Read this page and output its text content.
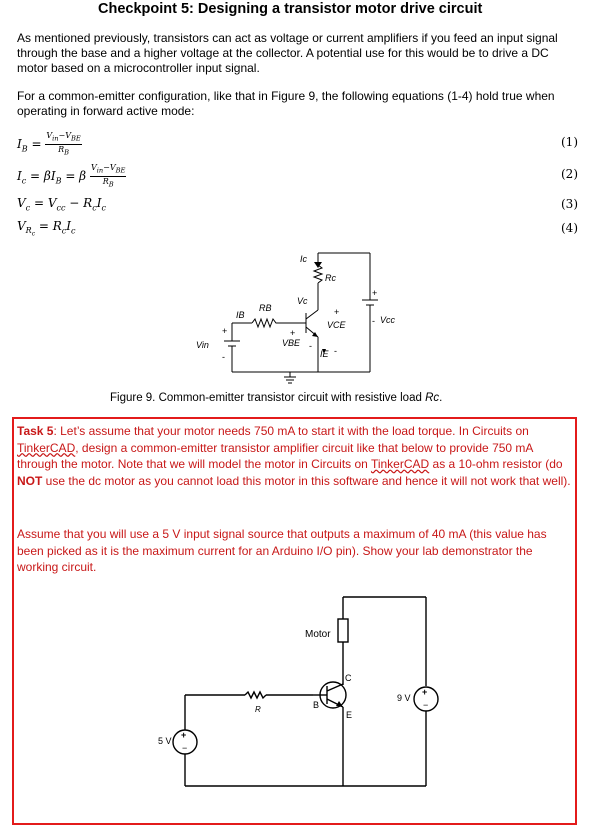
Checkpoint 5: Designing a transistor motor drive circuit
As mentioned previously, transistors can act as voltage or current amplifiers if you feed an input signal through the base and a higher voltage at the collector. A potential use for this would be to drive a DC motor based on a microcontroller input signal.
For a common-emitter configuration, like that in Figure 9, the following equations (1-4) hold true when operating in forward active mode:
$I_B = \frac{V_{in}-V_{BE}}{R_B}$	(1)
$I_c = \beta I_B = \beta \frac{V_{in}-V_{BE}}{R_B}$	(2)
$V_c = V_{cc} - R_cI_c$	(3)
$V_{R_c} = R_cI_c$	(4)
Ic
Rc
Vc
VCE	Vcc
IB
RB
VBE
IE
Vin
+
-
+
-
+
-
+
-
Figure 9. Common-emitter transistor circuit with resistive load Rc.
Task 5: Let’s assume that your motor needs 750 mA to start it with the load torque. In Circuits on TinkerCAD, design a common-emitter transistor amplifier circuit like that below to provide 750 mA through the motor. Note that we will model the motor in Circuits on TinkerCAD as a 10-ohm resistor (do NOT use the dc motor as you cannot load this motor in this software and hence it will not work that well).
Assume that you will use a 5 V input signal source that outputs a maximum of 40 mA (this value has been picked as it is the maximum current for an Arduino I/O pin). Show your lab demonstrator the working circuit.
Motor
R	B
C
E
9 V
5 V
+
−
+
−
